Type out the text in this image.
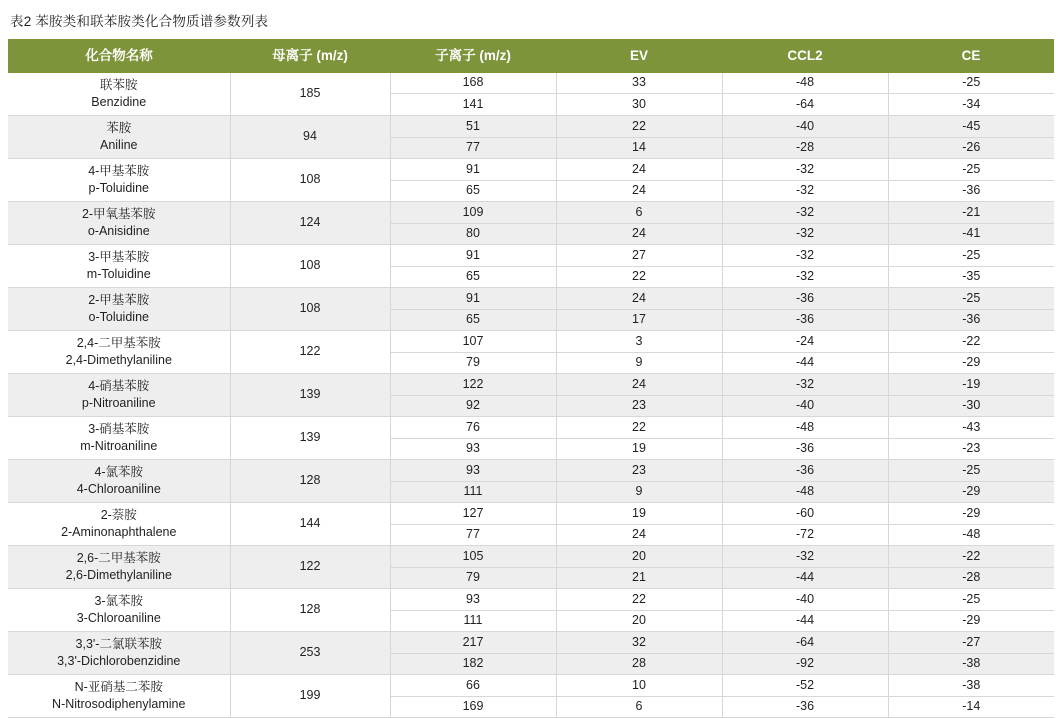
表2 苯胺类和联苯胺类化合物质谱参数列表
化合物名称	母离子 (m/z)	子离子 (m/z)	EV	CCL2	CE

联苯胺
Benzidine	185	168	33	-48	-25
		141	30	-64	-34

苯胺
Aniline	94	51	22	-40	-45
		77	14	-28	-26

4-甲基苯胺
p-Toluidine	108	91	24	-32	-25
		65	24	-32	-36

2-甲氧基苯胺
o-Anisidine	124	109	6	-32	-21
		80	24	-32	-41

3-甲基苯胺
m-Toluidine	108	91	27	-32	-25
		65	22	-32	-35

2-甲基苯胺
o-Toluidine	108	91	24	-36	-25
		65	17	-36	-36

2,4-二甲基苯胺
2,4-Dimethylaniline	122	107	3	-24	-22
		79	9	-44	-29

4-硝基苯胺
p-Nitroaniline	139	122	24	-32	-19
		92	23	-40	-30

3-硝基苯胺
m-Nitroaniline	139	76	22	-48	-43
		93	19	-36	-23

4-氯苯胺
4-Chloroaniline	128	93	23	-36	-25
		111	9	-48	-29

2-萘胺
2-Aminonaphthalene	144	127	19	-60	-29
		77	24	-72	-48

2,6-二甲基苯胺
2,6-Dimethylaniline	122	105	20	-32	-22
		79	21	-44	-28

3-氯苯胺
3-Chloroaniline	128	93	22	-40	-25
		111	20	-44	-29

3,3'-二氯联苯胺
3,3'-Dichlorobenzidine	253	217	32	-64	-27
		182	28	-92	-38

N-亚硝基二苯胺
N-Nitrosodiphenylamine	199	66	10	-52	-38
		169	6	-36	-14
